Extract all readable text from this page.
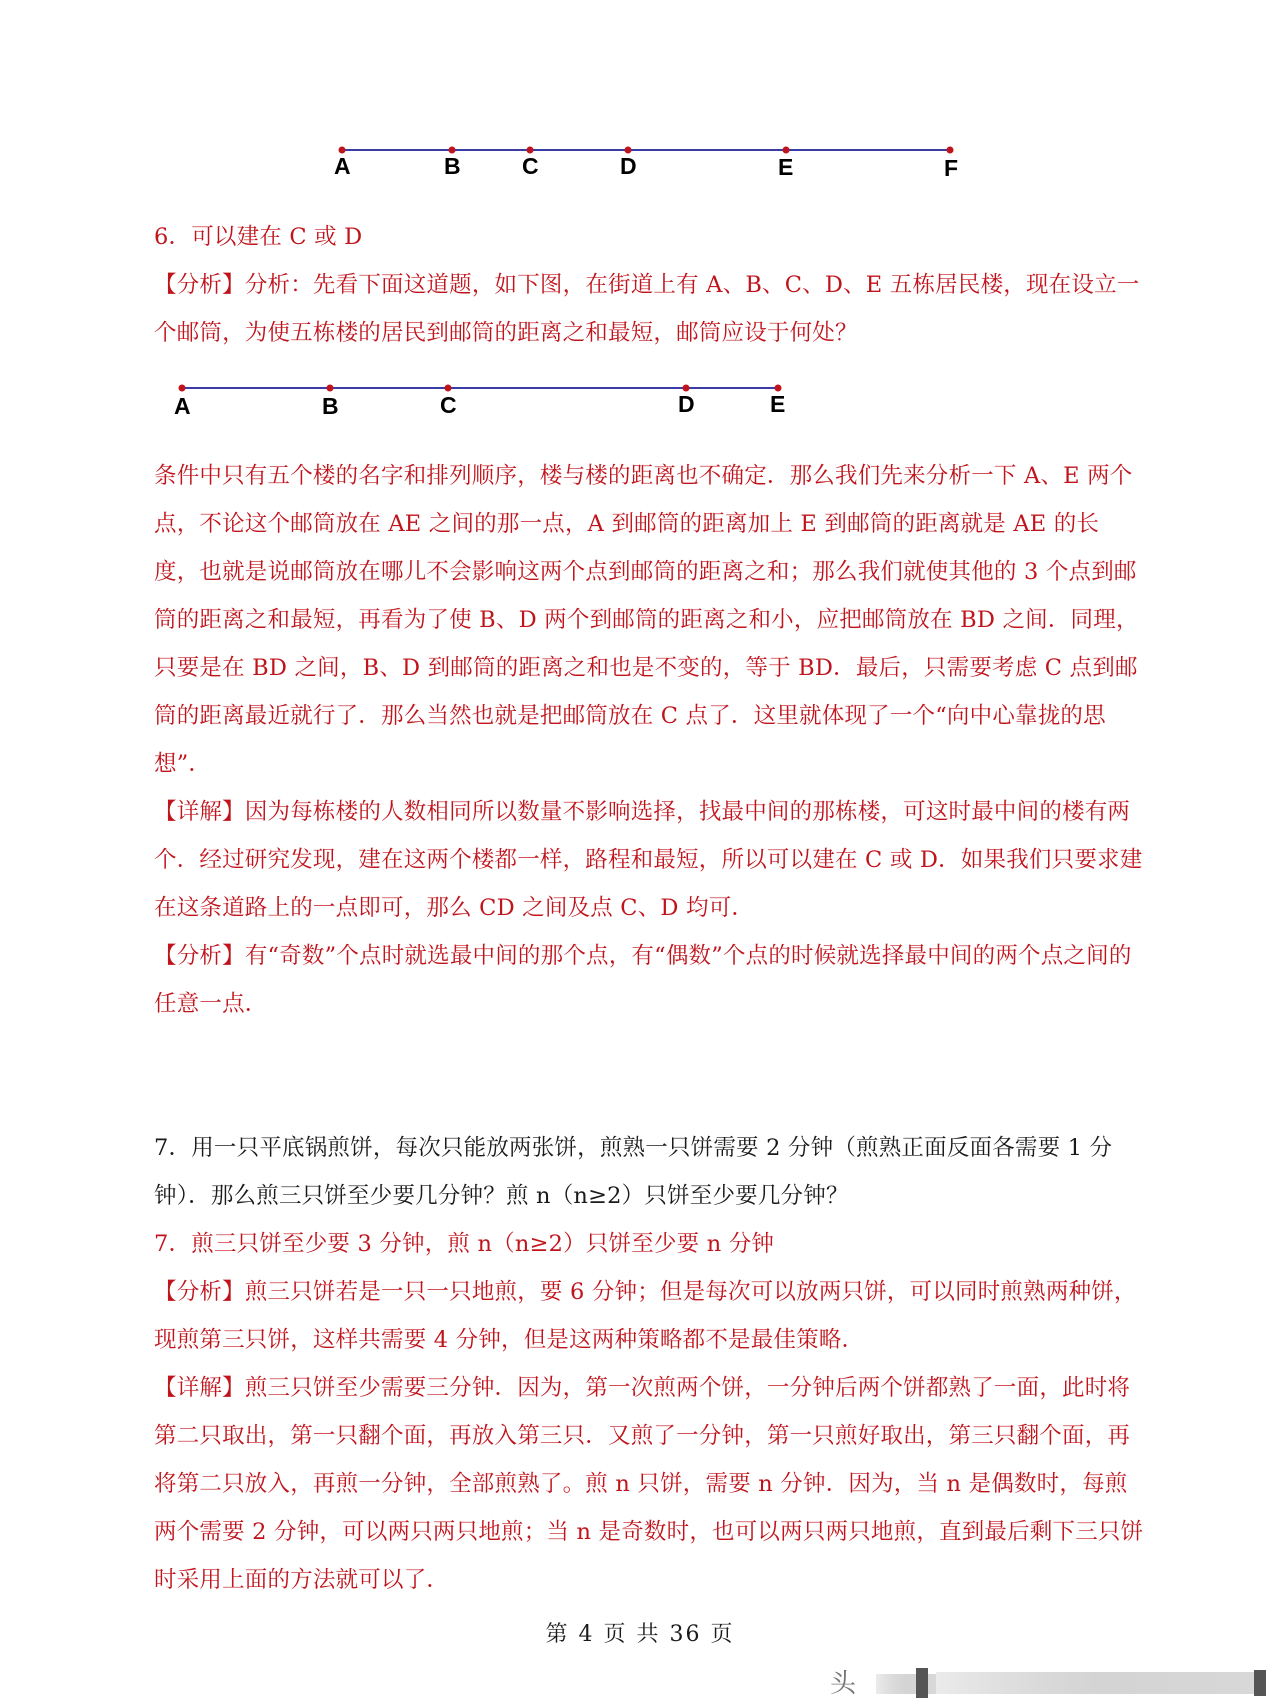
A	B	C	D	E	F

6．可以建在 C 或 D

【分析】分析：先看下面这道题，如下图，在街道上有 A、B、C、D、E 五栋居民楼，现在设立一个邮筒，为使五栋楼的居民到邮筒的距离之和最短，邮筒应设于何处？

A	B	C	D	E

条件中只有五个楼的名字和排列顺序，楼与楼的距离也不确定．那么我们先来分析一下 A、E 两个点，不论这个邮筒放在 AE 之间的那一点，A 到邮筒的距离加上 E 到邮筒的距离就是 AE 的长度，也就是说邮筒放在哪儿不会影响这两个点到邮筒的距离之和；那么我们就使其他的 3 个点到邮筒的距离之和最短，再看为了使 B、D 两个到邮筒的距离之和小，应把邮筒放在 BD 之间．同理，只要是在 BD 之间，B、D 到邮筒的距离之和也是不变的，等于 BD．最后，只需要考虑 C 点到邮筒的距离最近就行了．那么当然也就是把邮筒放在 C 点了．这里就体现了一个“向中心靠拢的思想”．

【详解】因为每栋楼的人数相同所以数量不影响选择，找最中间的那栋楼，可这时最中间的楼有两个．经过研究发现，建在这两个楼都一样，路程和最短，所以可以建在 C 或 D．如果我们只要求建在这条道路上的一点即可，那么 CD 之间及点 C、D 均可．

【分析】有“奇数”个点时就选最中间的那个点，有“偶数”个点的时候就选择最中间的两个点之间的任意一点．

7．用一只平底锅煎饼，每次只能放两张饼，煎熟一只饼需要 2 分钟（煎熟正面反面各需要 1 分钟）．那么煎三只饼至少要几分钟？煎 n（n≥2）只饼至少要几分钟？

7．煎三只饼至少要 3 分钟，煎 n（n≥2）只饼至少要 n 分钟

【分析】煎三只饼若是一只一只地煎，要 6 分钟；但是每次可以放两只饼，可以同时煎熟两种饼，现煎第三只饼，这样共需要 4 分钟，但是这两种策略都不是最佳策略．

【详解】煎三只饼至少需要三分钟．因为，第一次煎两个饼，一分钟后两个饼都熟了一面，此时将第二只取出，第一只翻个面，再放入第三只．又煎了一分钟，第一只煎好取出，第三只翻个面，再将第二只放入，再煎一分钟，全部煎熟了。煎 n 只饼，需要 n 分钟．因为，当 n 是偶数时，每煎两个需要 2 分钟，可以两只两只地煎；当 n 是奇数时，也可以两只两只地煎，直到最后剩下三只饼时采用上面的方法就可以了．

第 4 页 共 36 页
头
